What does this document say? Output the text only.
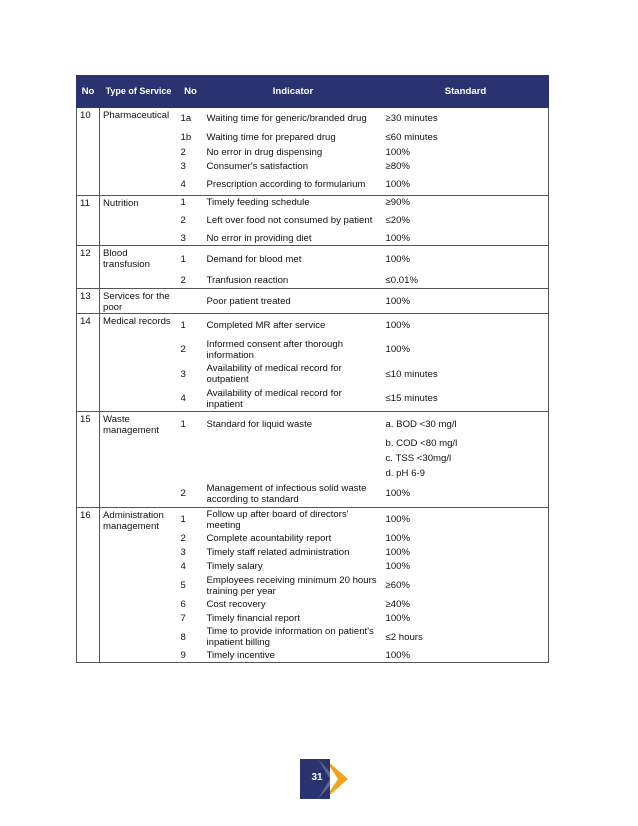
No	Type of Service	No	Indicator	Standard
10	Pharmaceutical	1a	Waiting time for generic/branded drug	≥30 minutes
		1b	Waiting time for prepared drug	≤60 minutes
		2	No error in drug dispensing	100%
		3	Consumer's satisfaction	≥80%
		4	Prescription according to formularium	100%
11	Nutrition	1	Timely feeding schedule	≥90%
		2	Left over food not consumed by patient	≤20%
		3	No error in providing diet	100%
12	Blood transfusion	1	Demand for blood met	100%
		2	Tranfusion reaction	≤0.01%
13	Services for the poor		Poor patient treated	100%
14	Medical records	1	Completed MR after service	100%
		2	Informed consent after thorough information	100%
		3	Availability of medical record for outpatient	≤10 minutes
		4	Availability of medical record for inpatient	≤15 minutes
15	Waste management	1	Standard for liquid waste	a. BOD <30 mg/l
				b. COD <80 mg/l
				c. TSS <30mg/l
				d. pH 6-9
		2	Management of infectious solid waste according to standard	100%
16	Administration management	1	Follow up after board of directors' meeting	100%
		2	Complete acountability report	100%
		3	Timely staff related administration	100%
		4	Timely salary	100%
		5	Employees receiving minimum 20 hours training per year	≥60%
		6	Cost recovery	≥40%
		7	Timely financial report	100%
		8	Time to provide information on patient's inpatient billing	≤2 hours
		9	Timely incentive	100%
31
